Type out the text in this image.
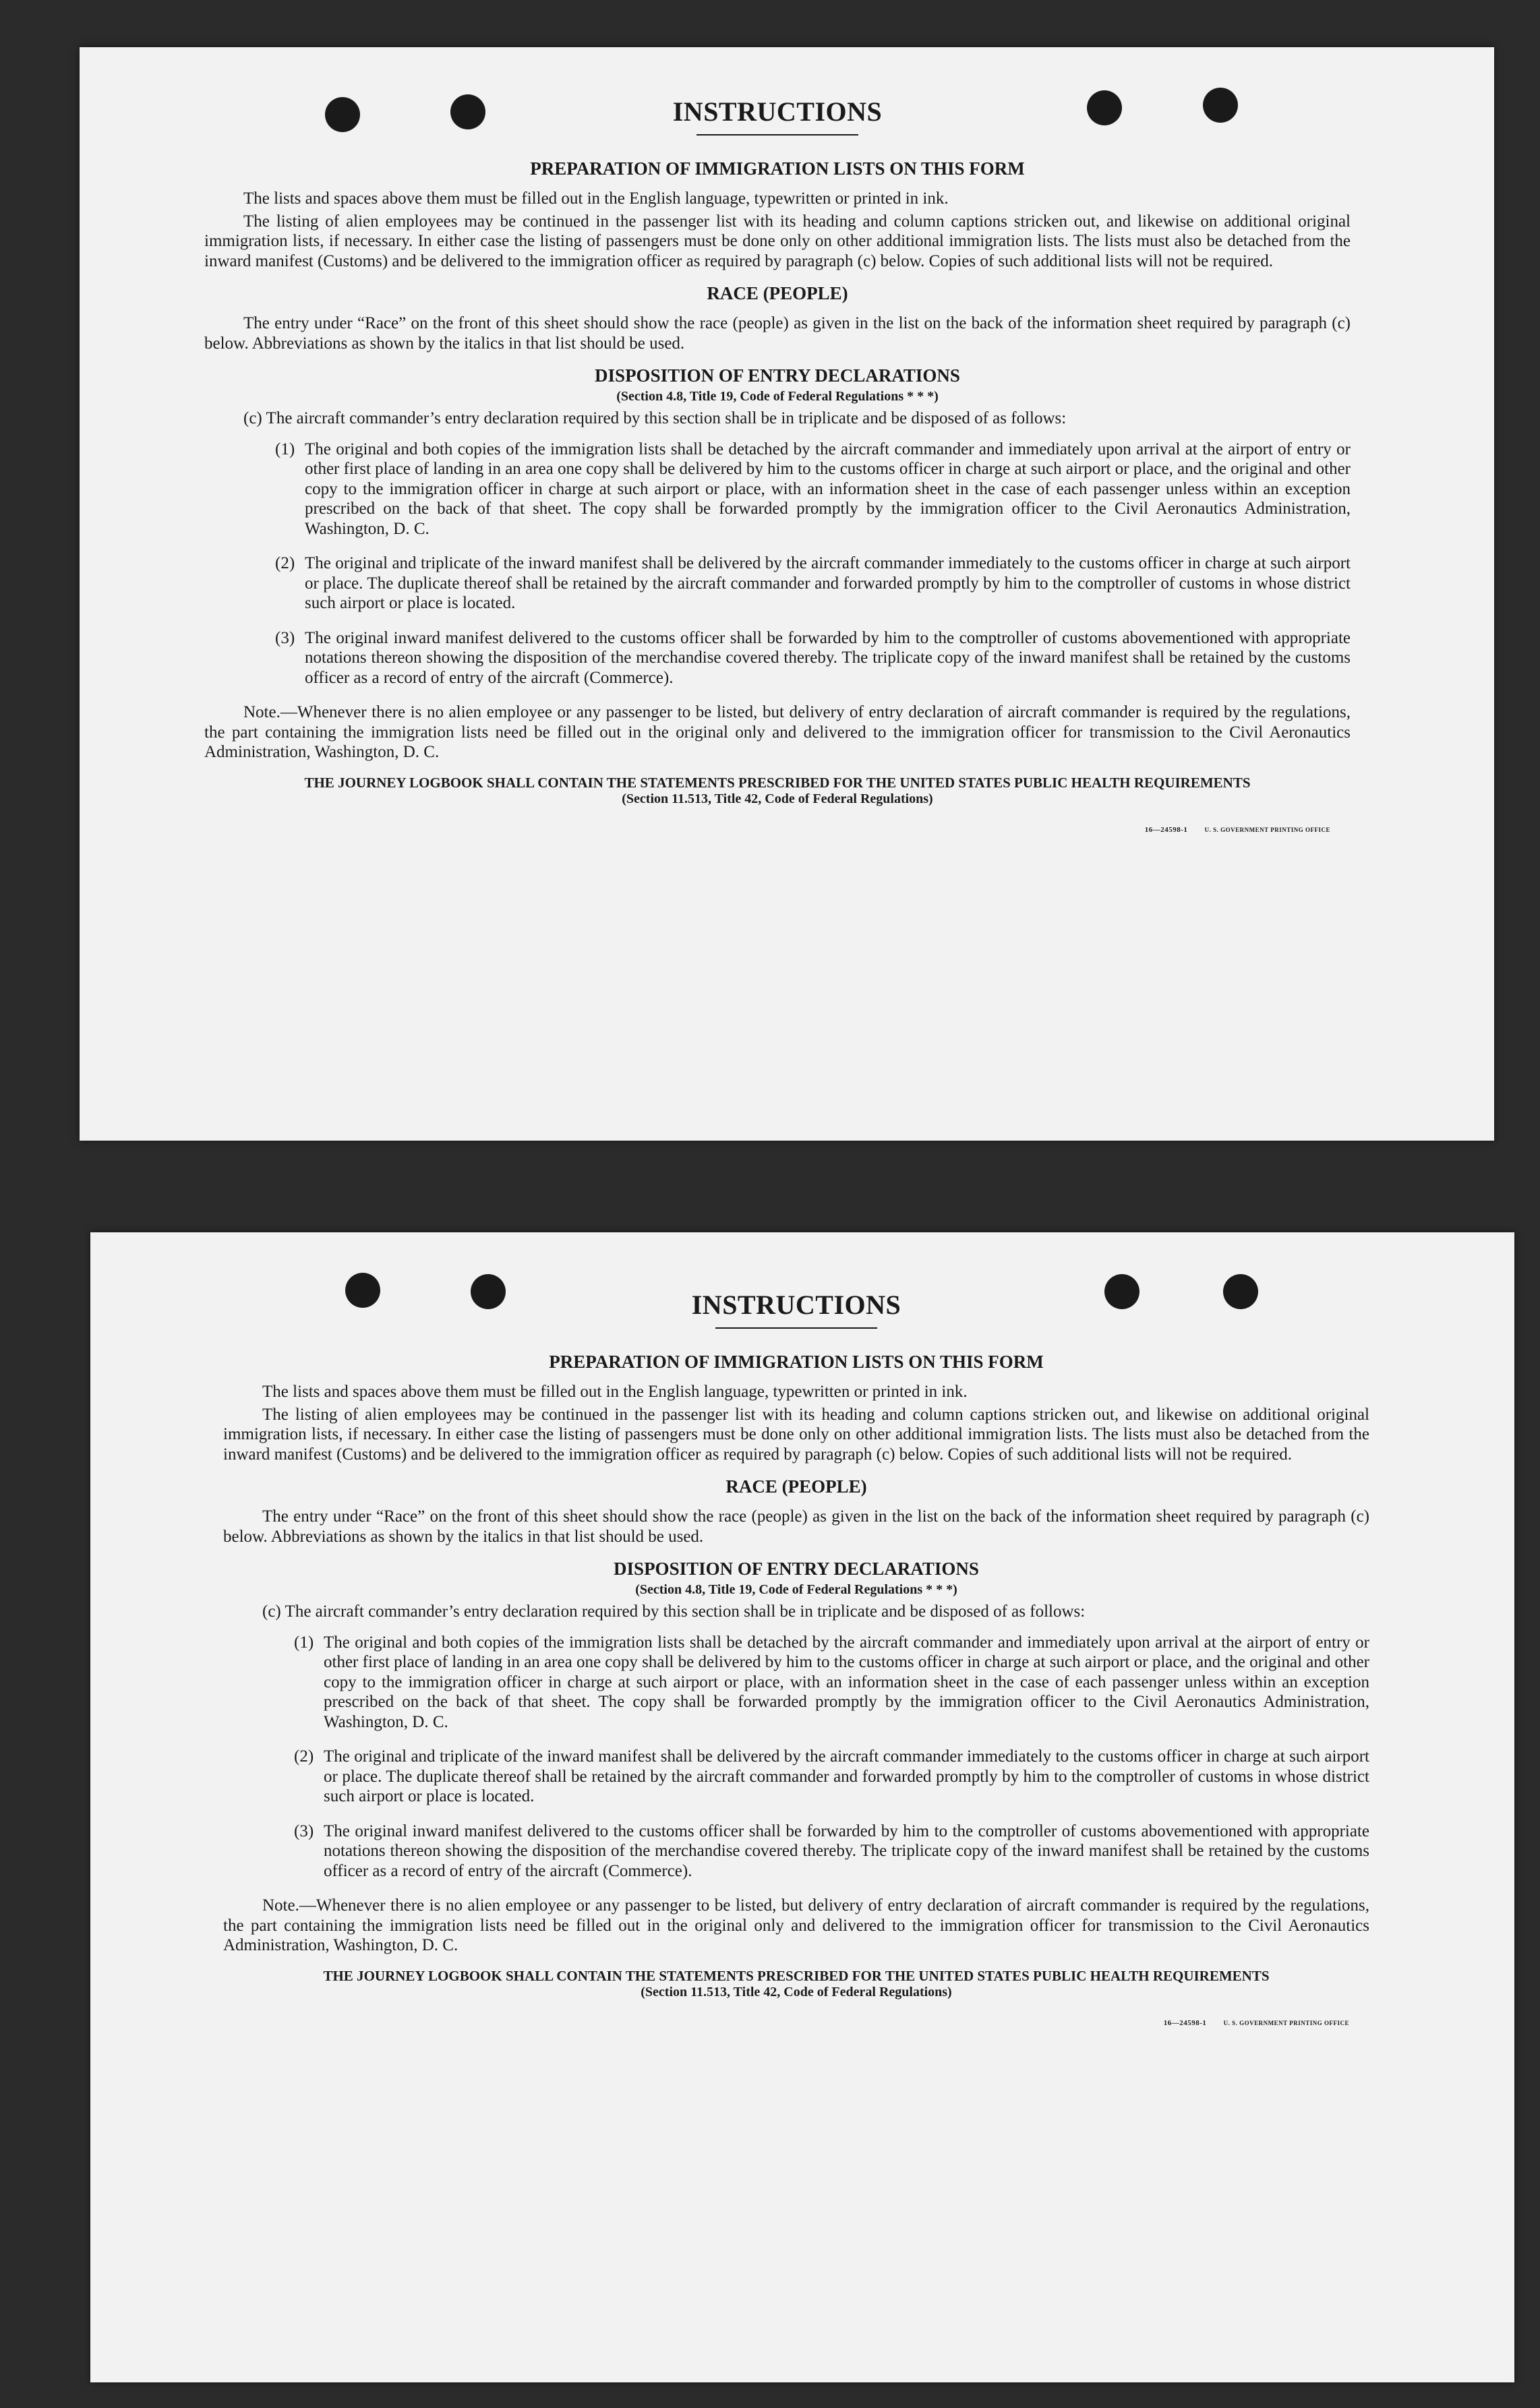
INSTRUCTIONS
PREPARATION OF IMMIGRATION LISTS ON THIS FORM

The lists and spaces above them must be filled out in the English language, typewritten or printed in ink.

The listing of alien employees may be continued in the passenger list with its heading and column captions stricken out, and likewise on additional original immigration lists, if necessary. In either case the listing of passengers must be done only on other additional immigration lists. The lists must also be detached from the inward manifest (Customs) and be delivered to the immigration officer as required by paragraph (c) below. Copies of such additional lists will not be required.

RACE (PEOPLE)

The entry under “Race” on the front of this sheet should show the race (people) as given in the list on the back of the information sheet required by paragraph (c) below. Abbreviations as shown by the italics in that list should be used.

DISPOSITION OF ENTRY DECLARATIONS
(Section 4.8, Title 19, Code of Federal Regulations * * *)

(c) The aircraft commander’s entry declaration required by this section shall be in triplicate and be disposed of as follows:

(1) The original and both copies of the immigration lists shall be detached by the aircraft commander and immediately upon arrival at the airport of entry or other first place of landing in an area one copy shall be delivered by him to the customs officer in charge at such airport or place, and the original and other copy to the immigration officer in charge at such airport or place, with an information sheet in the case of each passenger unless within an exception prescribed on the back of that sheet. The copy shall be forwarded promptly by the immigration officer to the Civil Aeronautics Administration, Washington, D. C.
(2) The original and triplicate of the inward manifest shall be delivered by the aircraft commander immediately to the customs officer in charge at such airport or place. The duplicate thereof shall be retained by the aircraft commander and forwarded promptly by him to the comptroller of customs in whose district such airport or place is located.
(3) The original inward manifest delivered to the customs officer shall be forwarded by him to the comptroller of customs abovementioned with appropriate notations thereon showing the disposition of the merchandise covered thereby. The triplicate copy of the inward manifest shall be retained by the customs officer as a record of entry of the aircraft (Commerce).

Note.—Whenever there is no alien employee or any passenger to be listed, but delivery of entry declaration of aircraft commander is required by the regulations, the part containing the immigration lists need be filled out in the original only and delivered to the immigration officer for transmission to the Civil Aeronautics Administration, Washington, D. C.

THE JOURNEY LOGBOOK SHALL CONTAIN THE STATEMENTS PRESCRIBED FOR THE UNITED STATES PUBLIC HEALTH REQUIREMENTS
(Section 11.513, Title 42, Code of Federal Regulations)
16—24598-1	U. S. GOVERNMENT PRINTING OFFICE
INSTRUCTIONS
PREPARATION OF IMMIGRATION LISTS ON THIS FORM

The lists and spaces above them must be filled out in the English language, typewritten or printed in ink.

The listing of alien employees may be continued in the passenger list with its heading and column captions stricken out, and likewise on additional original immigration lists, if necessary. In either case the listing of passengers must be done only on other additional immigration lists. The lists must also be detached from the inward manifest (Customs) and be delivered to the immigration officer as required by paragraph (c) below. Copies of such additional lists will not be required.

RACE (PEOPLE)

The entry under “Race” on the front of this sheet should show the race (people) as given in the list on the back of the information sheet required by paragraph (c) below. Abbreviations as shown by the italics in that list should be used.

DISPOSITION OF ENTRY DECLARATIONS
(Section 4.8, Title 19, Code of Federal Regulations * * *)

(c) The aircraft commander’s entry declaration required by this section shall be in triplicate and be disposed of as follows:

(1) The original and both copies of the immigration lists shall be detached by the aircraft commander and immediately upon arrival at the airport of entry or other first place of landing in an area one copy shall be delivered by him to the customs officer in charge at such airport or place, and the original and other copy to the immigration officer in charge at such airport or place, with an information sheet in the case of each passenger unless within an exception prescribed on the back of that sheet. The copy shall be forwarded promptly by the immigration officer to the Civil Aeronautics Administration, Washington, D. C.
(2) The original and triplicate of the inward manifest shall be delivered by the aircraft commander immediately to the customs officer in charge at such airport or place. The duplicate thereof shall be retained by the aircraft commander and forwarded promptly by him to the comptroller of customs in whose district such airport or place is located.
(3) The original inward manifest delivered to the customs officer shall be forwarded by him to the comptroller of customs abovementioned with appropriate notations thereon showing the disposition of the merchandise covered thereby. The triplicate copy of the inward manifest shall be retained by the customs officer as a record of entry of the aircraft (Commerce).

Note.—Whenever there is no alien employee or any passenger to be listed, but delivery of entry declaration of aircraft commander is required by the regulations, the part containing the immigration lists need be filled out in the original only and delivered to the immigration officer for transmission to the Civil Aeronautics Administration, Washington, D. C.

THE JOURNEY LOGBOOK SHALL CONTAIN THE STATEMENTS PRESCRIBED FOR THE UNITED STATES PUBLIC HEALTH REQUIREMENTS
(Section 11.513, Title 42, Code of Federal Regulations)
16—24598-1	U. S. GOVERNMENT PRINTING OFFICE
